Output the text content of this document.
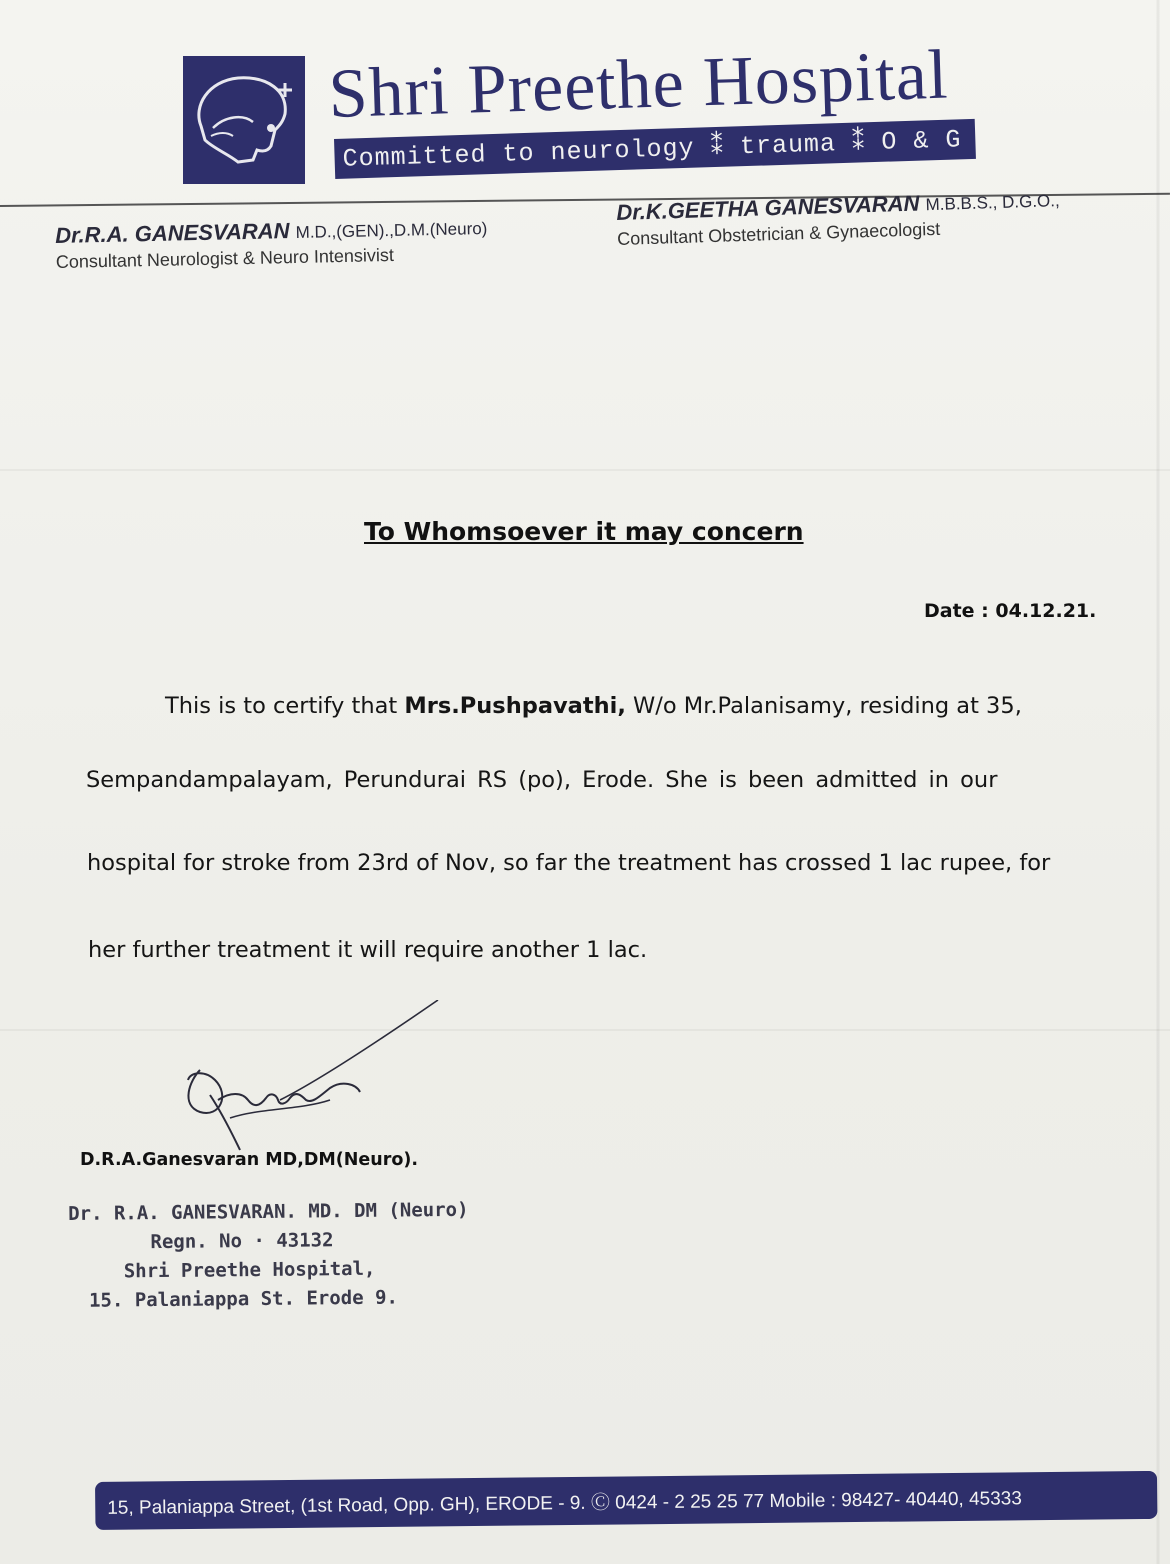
Shri Preethe Hospital
Committed to neurology ⁑ trauma ⁑ O & G
Dr.R.A. GANESVARAN M.D.,(GEN).,D.M.(Neuro)
Consultant Neurologist & Neuro Intensivist
Dr.K.GEETHA GANESVARAN M.B.B.S., D.G.O.,
Consultant Obstetrician & Gynaecologist
To Whomsoever it may concern
Date : 04.12.21.
This is to certify that Mrs.Pushpavathi, W/o Mr.Palanisamy, residing at 35,
Sempandampalayam, Perundurai RS (po), Erode. She is been admitted in our
hospital for stroke from 23rd of Nov, so far the treatment has crossed 1 lac rupee, for
her further treatment it will require another 1 lac.
D.R.A.Ganesvaran MD,DM(Neuro).
Dr. R.A. GANESVARAN. MD. DM (Neuro)
Regn. No · 43132
Shri Preethe Hospital,
15. Palaniappa St. Erode 9.
15, Palaniappa Street, (1st Road, Opp. GH), ERODE - 9. Ⓒ 0424 - 2 25 25 77 Mobile : 98427- 40440, 45333
